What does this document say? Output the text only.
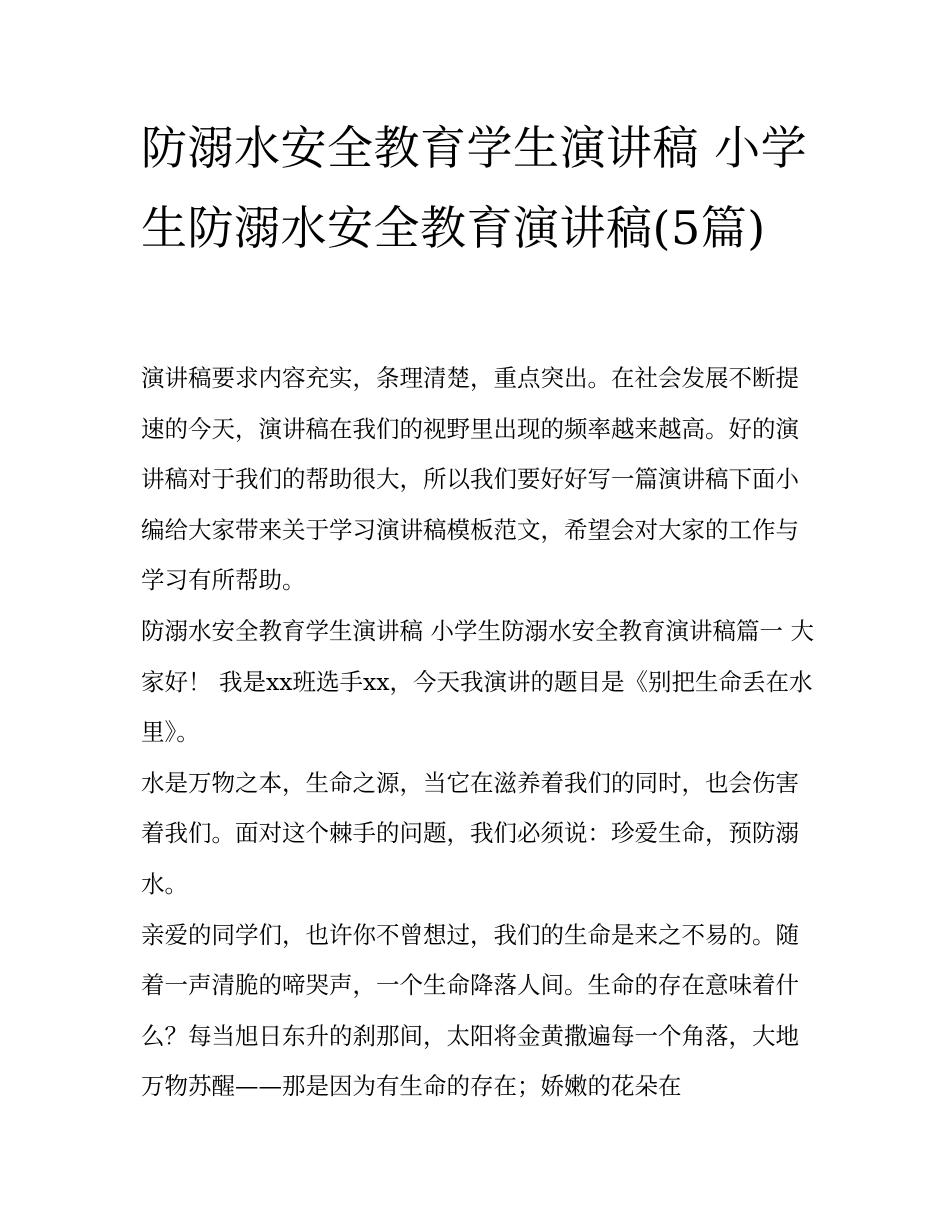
防溺水安全教育学生演讲稿 小学生防溺水安全教育演讲稿(5篇)

演讲稿要求内容充实，条理清楚，重点突出。在社会发展不断提速的今天，演讲稿在我们的视野里出现的频率越来越高。好的演讲稿对于我们的帮助很大，所以我们要好好写一篇演讲稿下面小编给大家带来关于学习演讲稿模板范文，希望会对大家的工作与学习有所帮助。

防溺水安全教育学生演讲稿 小学生防溺水安全教育演讲稿篇一 大家好！ 我是xx班选手xx，今天我演讲的题目是《别把生命丢在水里》。

水是万物之本，生命之源，当它在滋养着我们的同时，也会伤害着我们。面对这个棘手的问题，我们必须说：珍爱生命，预防溺水。

亲爱的同学们，也许你不曾想过，我们的生命是来之不易的。随着一声清脆的啼哭声，一个生命降落人间。生命的存在意味着什么？每当旭日东升的刹那间，太阳将金黄撒遍每一个角落，大地万物苏醒——那是因为有生命的存在；娇嫩的花朵在
